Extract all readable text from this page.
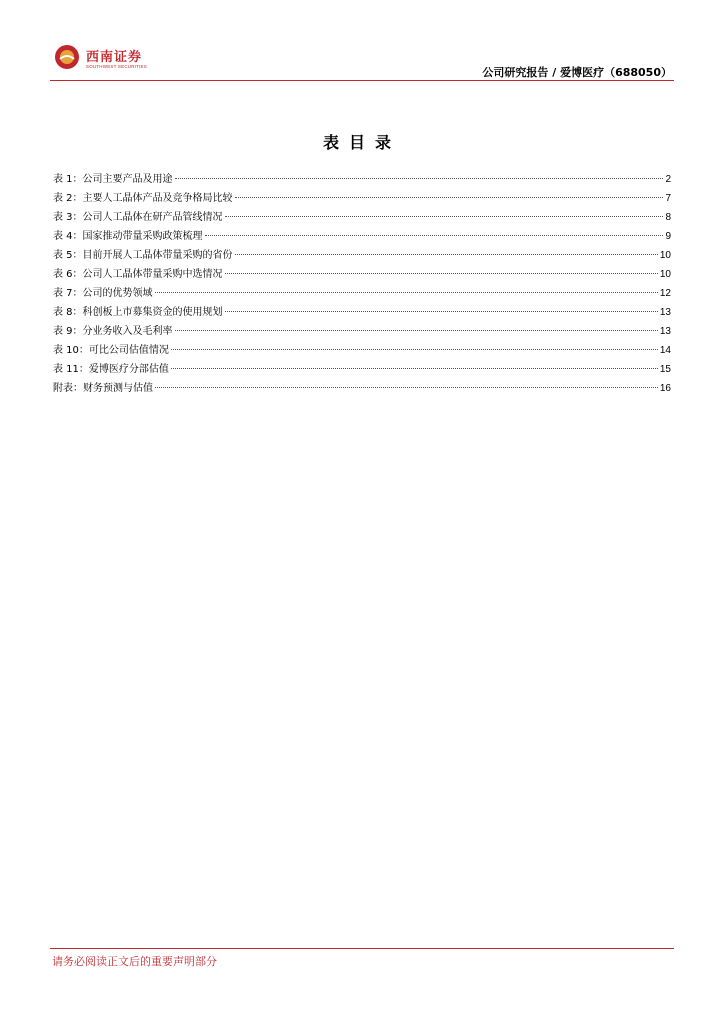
西南证券
SOUTHWEST SECURITIES	公司研究报告 / 爱博医疗（688050）
表目录
表 1：公司主要产品及用途	2
表 2：主要人工晶体产品及竞争格局比较	7
表 3：公司人工晶体在研产品管线情况	8
表 4：国家推动带量采购政策梳理	9
表 5：目前开展人工晶体带量采购的省份	10
表 6：公司人工晶体带量采购中选情况	10
表 7：公司的优势领域	12
表 8：科创板上市募集资金的使用规划	13
表 9：分业务收入及毛利率	13
表 10：可比公司估值情况	14
表 11：爱博医疗分部估值	15
附表：财务预测与估值	16
请务必阅读正文后的重要声明部分
